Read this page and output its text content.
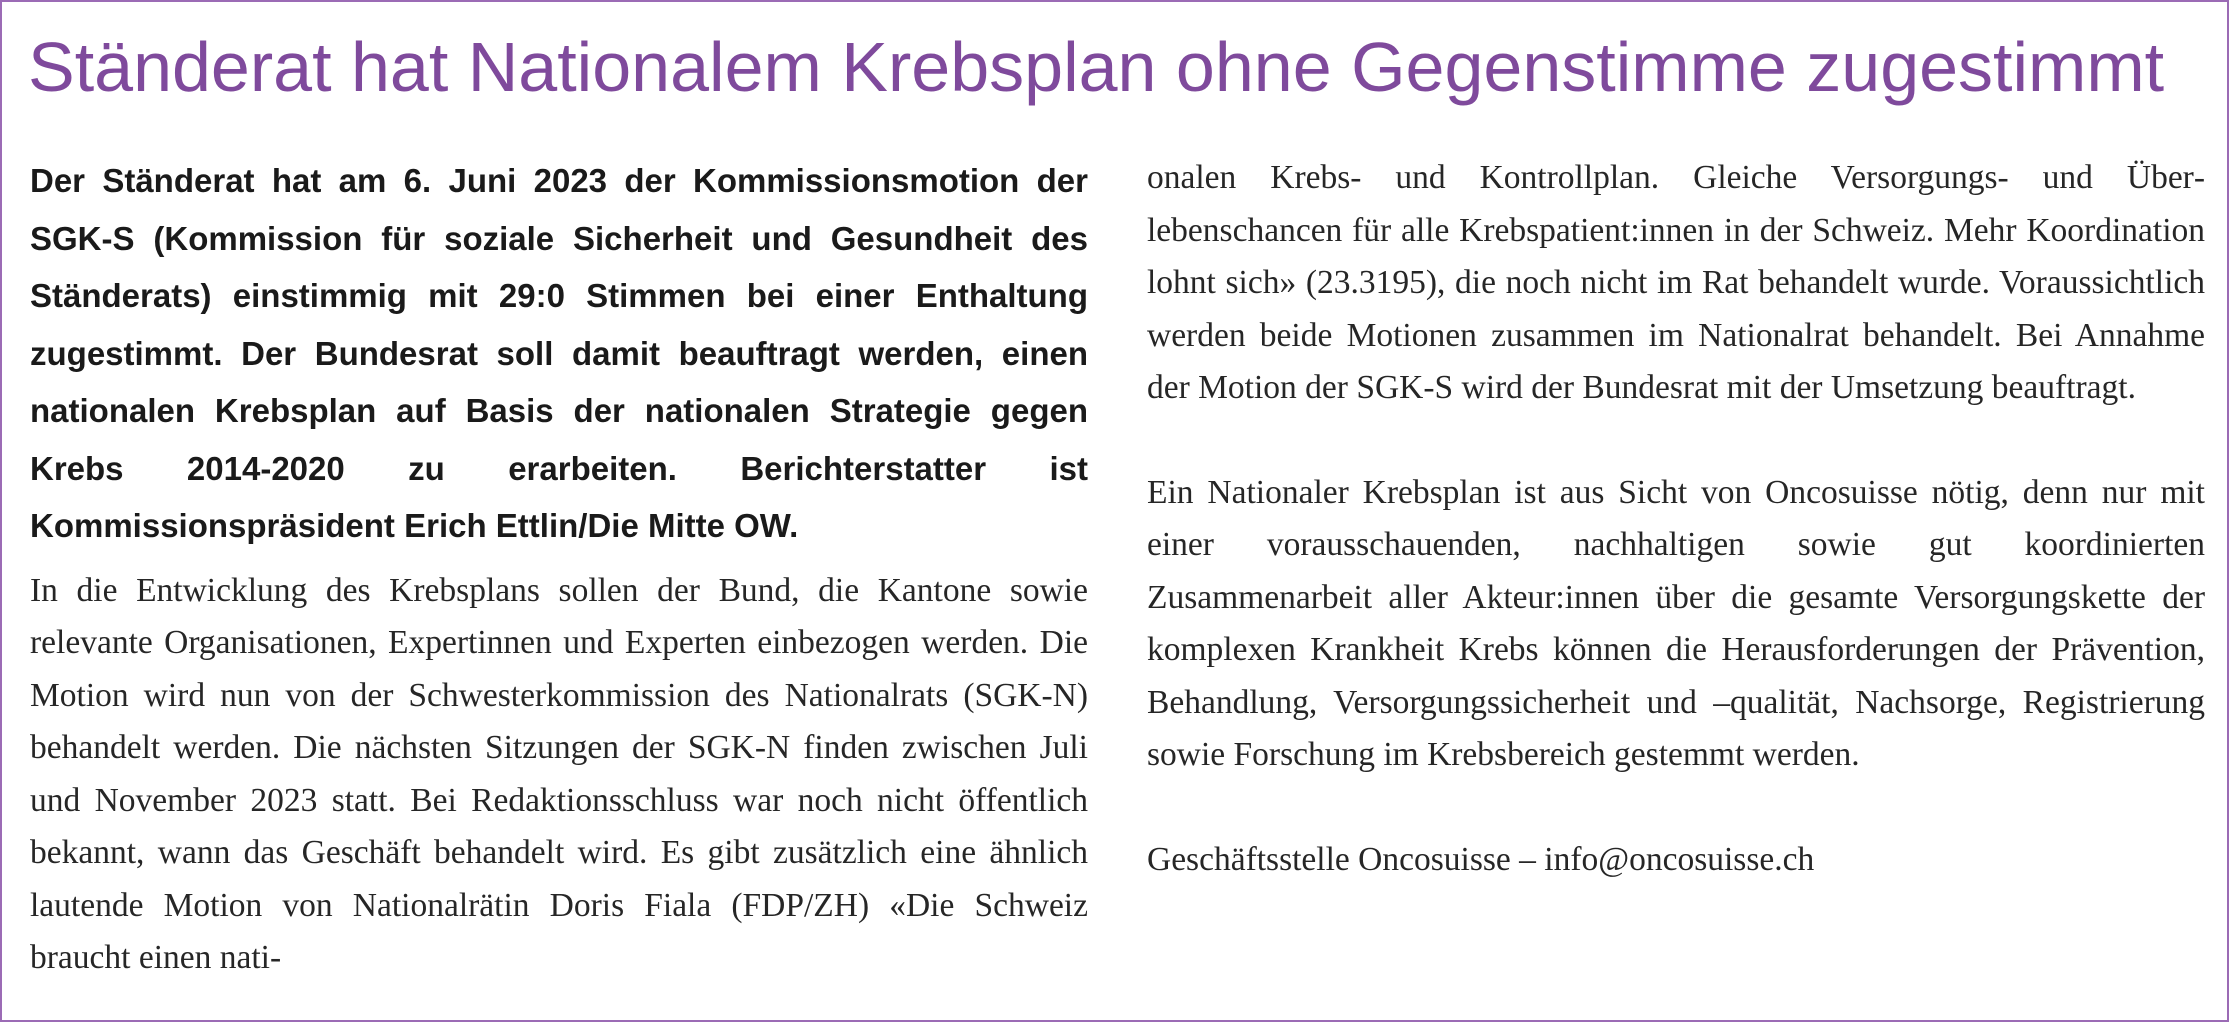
Ständerat hat Nationalem Krebsplan ohne Gegenstimme zugestimmt

Der Ständerat hat am 6. Juni 2023 der Kommissionsmotion der SGK-S (Kommission für soziale Sicherheit und Gesundheit des Ständerats) einstimmig mit 29:0 Stimmen bei einer Enthaltung zugestimmt. Der Bundesrat soll damit beauftragt werden, einen nationalen Krebsplan auf Basis der nationalen Strategie gegen Krebs 2014-2020 zu erarbeiten. Berichterstatter ist Kommissionspräsident Erich Ettlin/Die Mitte OW.

In die Entwicklung des Krebsplans sollen der Bund, die Kantone sowie relevante Organisationen, Expertinnen und Experten einbezogen werden. Die Motion wird nun von der Schwesterkommission des Nationalrats (SGK-N) behandelt werden. Die nächsten Sitzungen der SGK-N finden zwischen Juli und November 2023 statt. Bei Redaktionsschluss war noch nicht öffentlich bekannt, wann das Geschäft behandelt wird. Es gibt zusätzlich eine ähnlich lautende Motion von Nationalrätin Doris Fiala (FDP/ZH) «Die Schweiz braucht einen nati-

onalen Krebs- und Kontrollplan. Gleiche Versorgungs- und Überlebenschancen für alle Krebspatient:innen in der Schweiz. Mehr Koordination lohnt sich» (23.3195), die noch nicht im Rat behandelt wurde. Voraussichtlich werden beide Motionen zusammen im Nationalrat behandelt. Bei Annahme der Motion der SGK-S wird der Bundesrat mit der Umsetzung beauftragt.

Ein Nationaler Krebsplan ist aus Sicht von Oncosuisse nötig, denn nur mit einer vorausschauenden, nachhaltigen sowie gut koordinierten Zusammenarbeit aller Akteur:innen über die gesamte Versorgungskette der komplexen Krankheit Krebs können die Herausforderungen der Prävention, Behandlung, Versorgungssicherheit und –qualität, Nachsorge, Registrierung sowie Forschung im Krebsbereich gestemmt werden.

Geschäftsstelle Oncosuisse – info@oncosuisse.ch
